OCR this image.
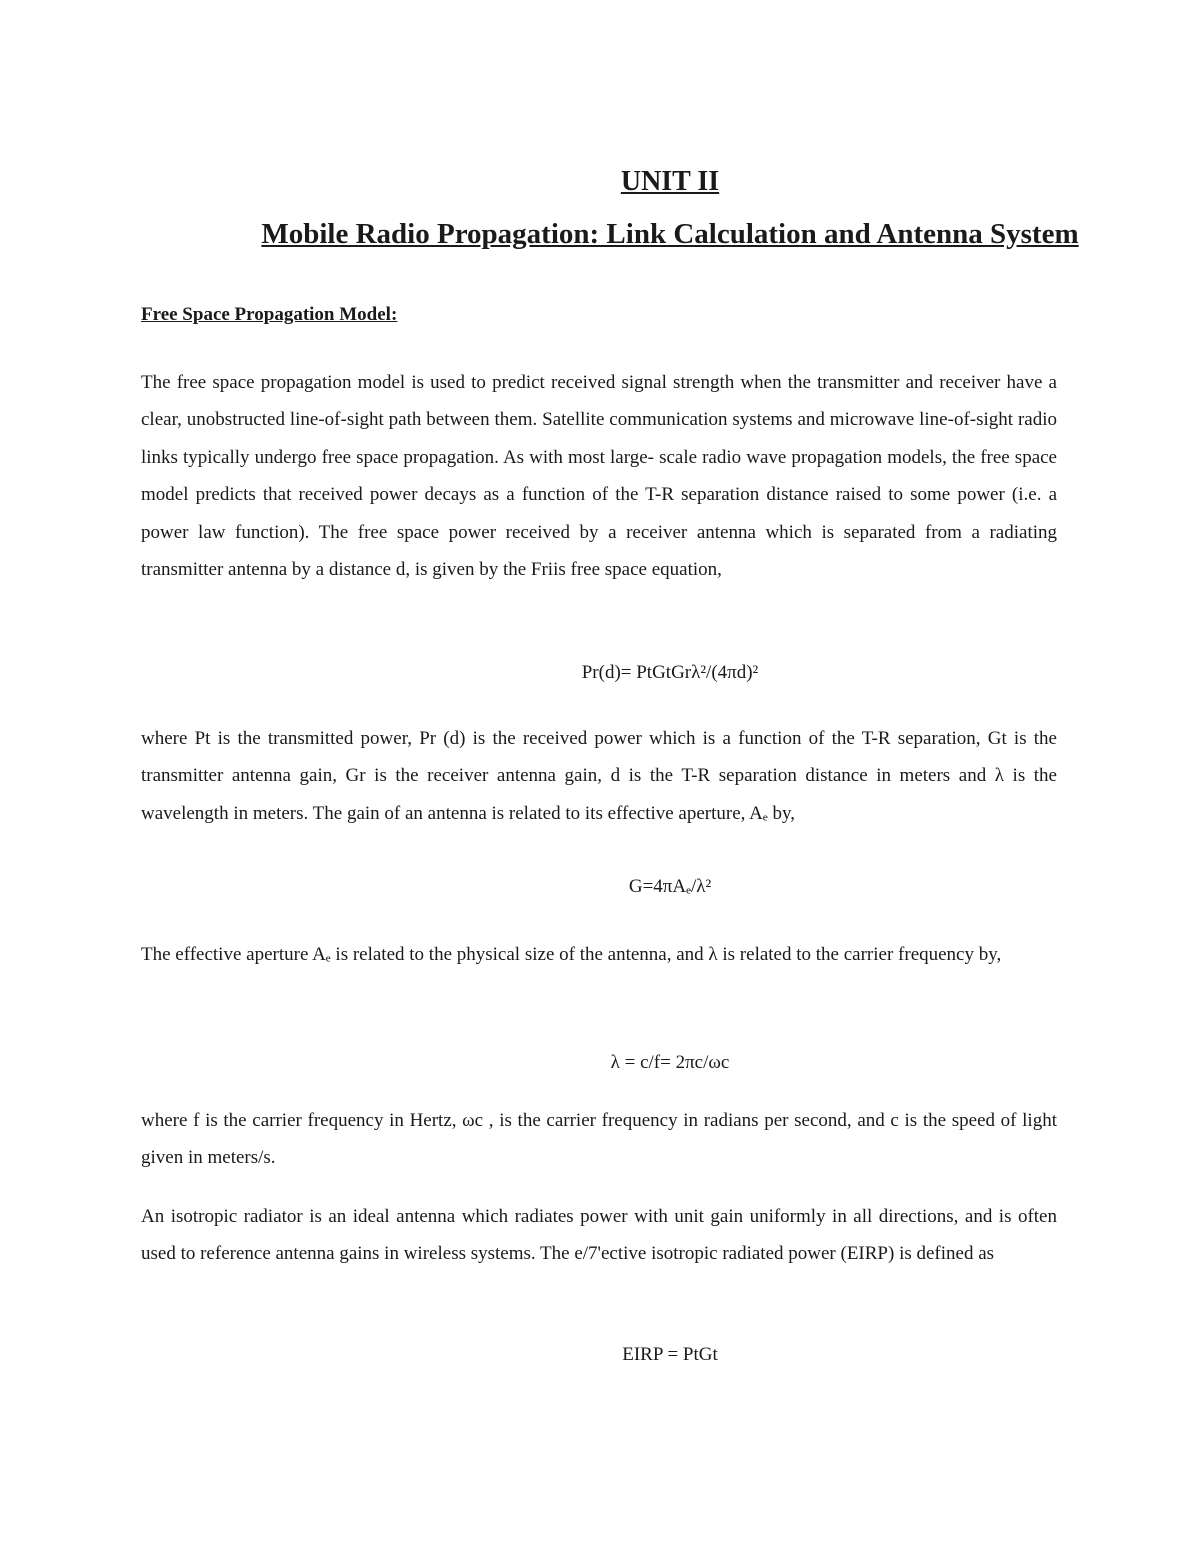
UNIT II
Mobile Radio Propagation: Link Calculation and Antenna System
Free Space Propagation Model:

The free space propagation model is used to predict received signal strength when the transmitter and receiver have a clear, unobstructed line-of-sight path between them. Satellite communication systems and microwave line-of-sight radio links typically undergo free space propagation. As with most large- scale radio wave propagation models, the free space model predicts that received power decays as a function of the T-R separation distance raised to some power (i.e. a power law function). The free space power received by a receiver antenna which is separated from a radiating transmitter antenna by a distance d, is given by the Friis free space equation,

Pr(d)= PtGtGrλ²/(4πd)²

where Pt is the transmitted power, Pr (d) is the received power which is a function of the T-R separation, Gt is the transmitter antenna gain, Gr is the receiver antenna gain, d is the T-R separation distance in meters and λ is the wavelength in meters. The gain of an antenna is related to its effective aperture, Aₑ by,

G=4πAₑ/λ²

The effective aperture Aₑ is related to the physical size of the antenna, and λ is related to the carrier frequency by,

λ = c/f= 2πc/ωc

where f is the carrier frequency in Hertz, ωc , is the carrier frequency in radians per second, and c is the speed of light given in meters/s.

An isotropic radiator is an ideal antenna which radiates power with unit gain uniformly in all directions, and is often used to reference antenna gains in wireless systems. The e/7'ective isotropic radiated power (EIRP) is defined as

EIRP = PtGt
